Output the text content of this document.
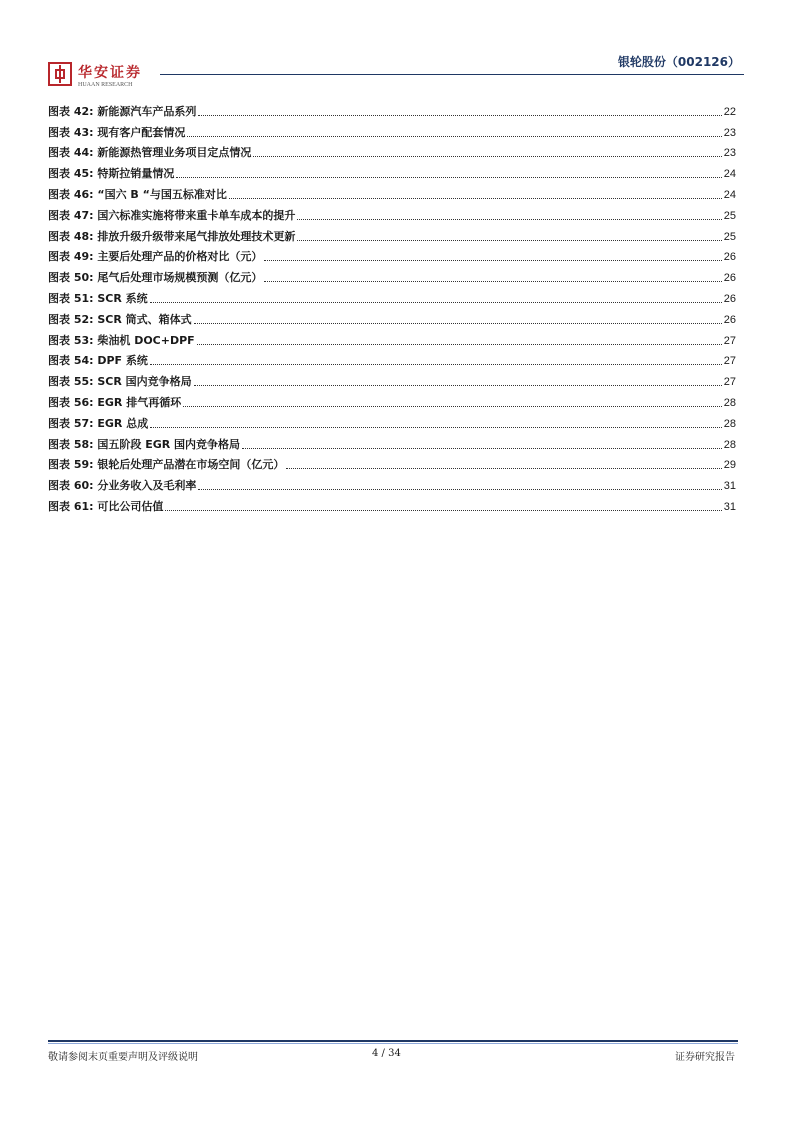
华安证券
HUAAN RESEARCH
银轮股份（002126）
图表 42: 新能源汽车产品系列	22
图表 43: 现有客户配套情况	23
图表 44: 新能源热管理业务项目定点情况	23
图表 45: 特斯拉销量情况	24
图表 46: “国六 B “与国五标准对比	24
图表 47: 国六标准实施将带来重卡单车成本的提升	25
图表 48: 排放升级升级带来尾气排放处理技术更新	25
图表 49: 主要后处理产品的价格对比（元）	26
图表 50: 尾气后处理市场规模预测（亿元）	26
图表 51: SCR 系统	26
图表 52: SCR 筒式、箱体式	26
图表 53: 柴油机 DOC+DPF	27
图表 54: DPF 系统	27
图表 55: SCR 国内竞争格局	27
图表 56: EGR 排气再循环	28
图表 57: EGR 总成	28
图表 58: 国五阶段 EGR 国内竞争格局	28
图表 59: 银轮后处理产品潜在市场空间（亿元）	29
图表 60: 分业务收入及毛利率	31
图表 61: 可比公司估值	31
敬请参阅末页重要声明及评级说明	4 / 34	证券研究报告
